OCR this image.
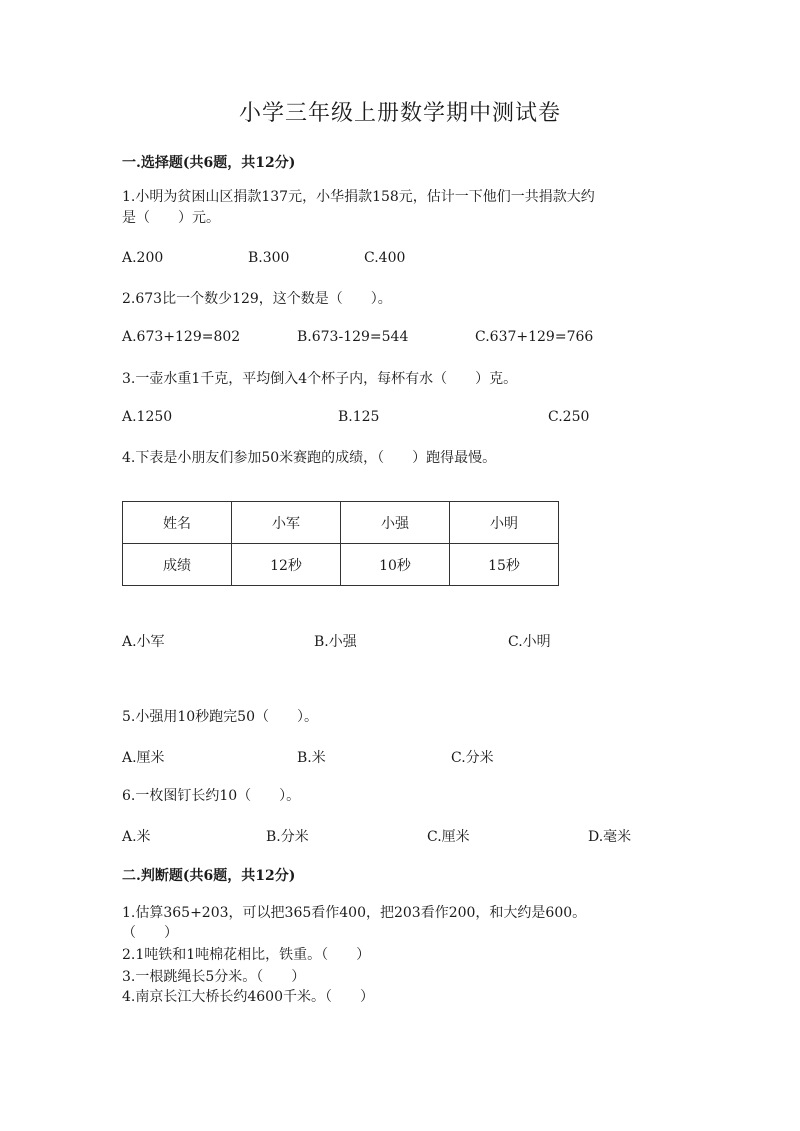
小学三年级上册数学期中测试卷
一.选择题(共6题，共12分)
1.小明为贫困山区捐款137元，小华捐款158元，估计一下他们一共捐款大约
是（　　）元。
A.200	B.300	C.400
2.673比一个数少129，这个数是（　　）。
A.673+129=802	B.673-129=544	C.637+129=766
3.一壶水重1千克，平均倒入4个杯子内，每杯有水（　　）克。
A.1250	B.125	C.250
4.下表是小朋友们参加50米赛跑的成绩，（　　）跑得最慢。
姓名	小军	小强	小明
成绩	12秒	10秒	15秒
A.小军	B.小强	C.小明
5.小强用10秒跑完50（　　）。
A.厘米	B.米	C.分米
6.一枚图钉长约10（　　）。
A.米	B.分米	C.厘米	D.毫米
二.判断题(共6题，共12分)
1.估算365+203，可以把365看作400，把203看作200，和大约是600。
（　　）
2.1吨铁和1吨棉花相比，铁重。（　　）
3.一根跳绳长5分米。（　　）
4.南京长江大桥长约4600千米。（　　）
